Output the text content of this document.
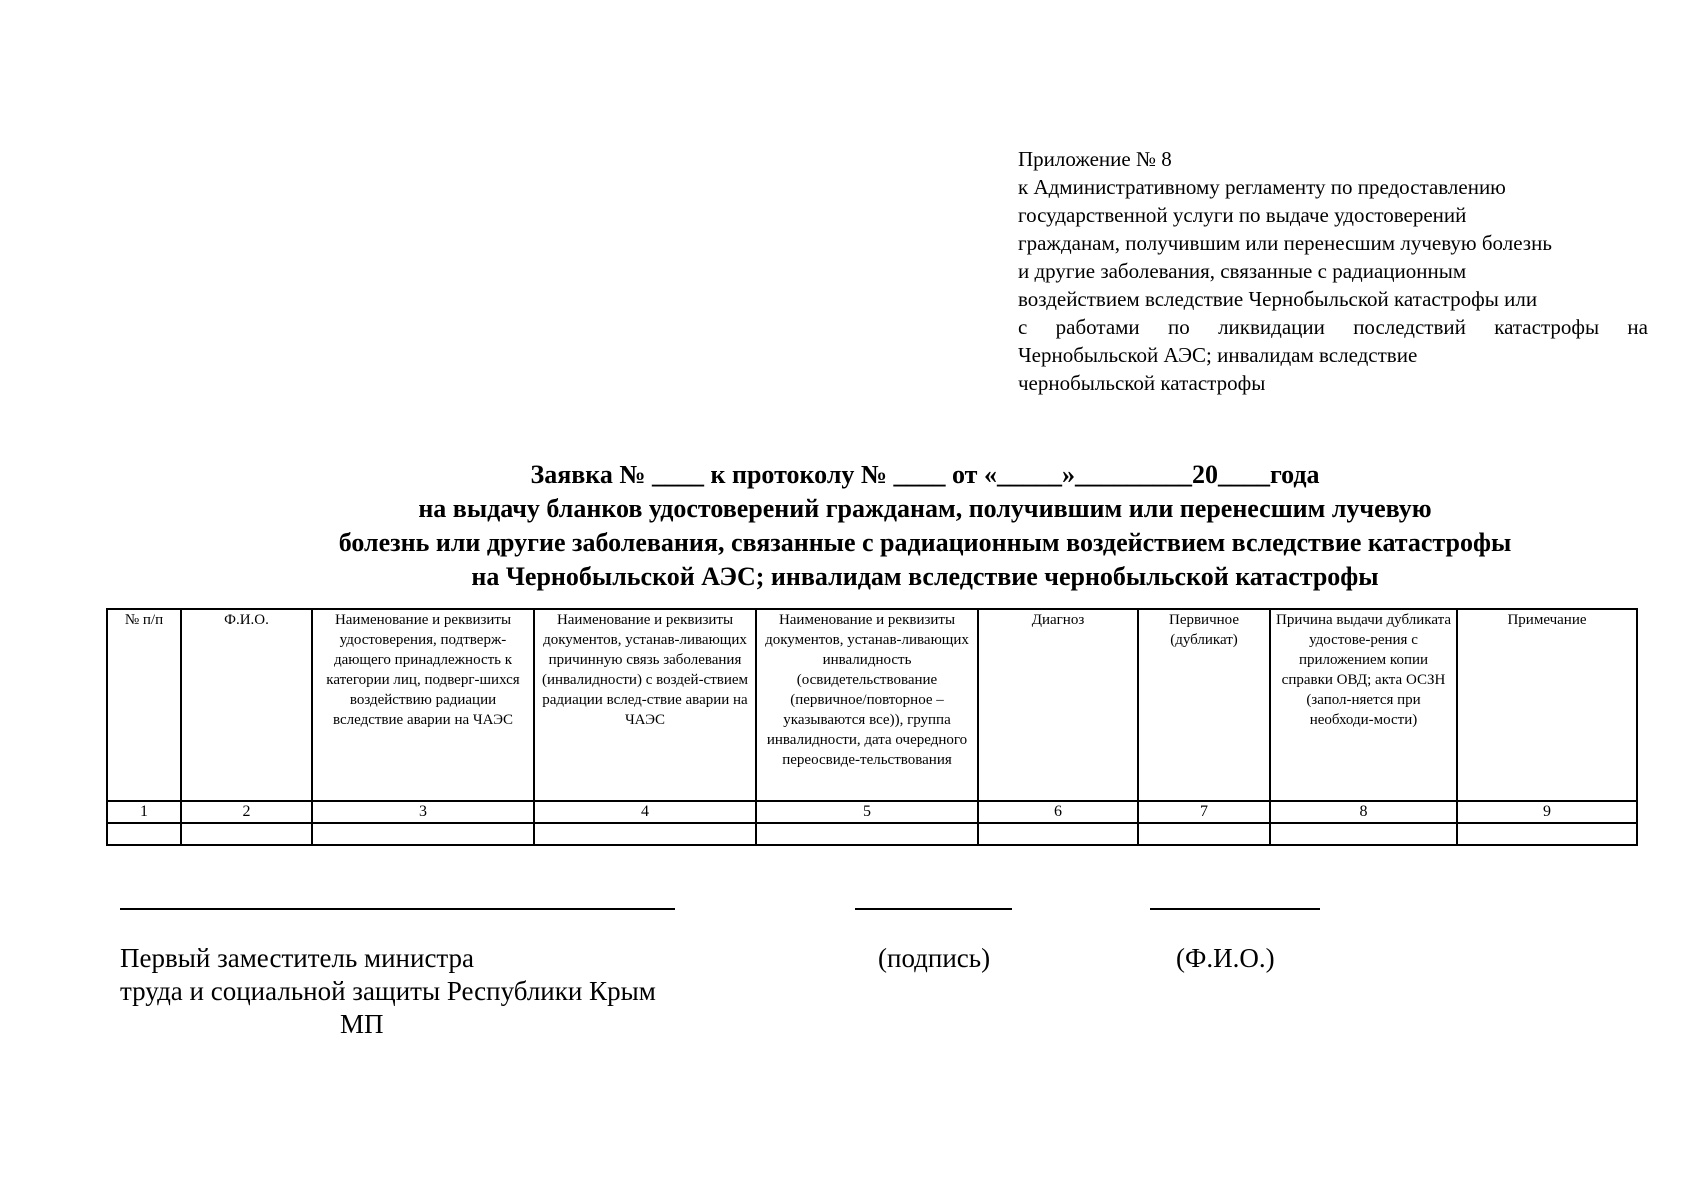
Приложение № 8
к Административному регламенту по предоставлению
государственной услуги по выдаче удостоверений
гражданам, получившим или перенесшим лучевую болезнь
и другие заболевания, связанные с радиационным
воздействием вследствие Чернобыльской катастрофы или
с работами по ликвидации последствий катастрофы на
Чернобыльской АЭС; инвалидам вследствие
чернобыльской катастрофы
Заявка № ____ к протоколу № ____ от «_____»_________20____года
на выдачу бланков удостоверений гражданам, получившим или перенесшим лучевую
болезнь или другие заболевания, связанные с радиационным воздействием вследствие катастрофы
на Чернобыльской АЭС; инвалидам вследствие чернобыльской катастрофы
№ п/п	Ф.И.О.	Наименование и реквизиты удостоверения, подтверж-дающего принадлежность к категории лиц, подверг-шихся воздействию радиации вследствие аварии на ЧАЭС	Наименование и реквизиты документов, устанав-ливающих причинную связь заболевания (инвалидности) с воздей-ствием радиации вслед-ствие аварии на ЧАЭС	Наименование и реквизиты документов, устанав-ливающих инвалидность (освидетельствование (первичное/повторное – указываются все)), группа инвалидности, дата очередного переосвиде-тельствования	Диагноз	Первичное (дубликат)	Причина выдачи дубликата удостове-рения с приложением копии справки ОВД; акта ОСЗН (запол-няется при необходи-мости)	Примечание
1	2	3	4	5	6	7	8	9

Первый заместитель министра
труда и социальной защиты Республики Крым
МП
(подпись)	(Ф.И.О.)
